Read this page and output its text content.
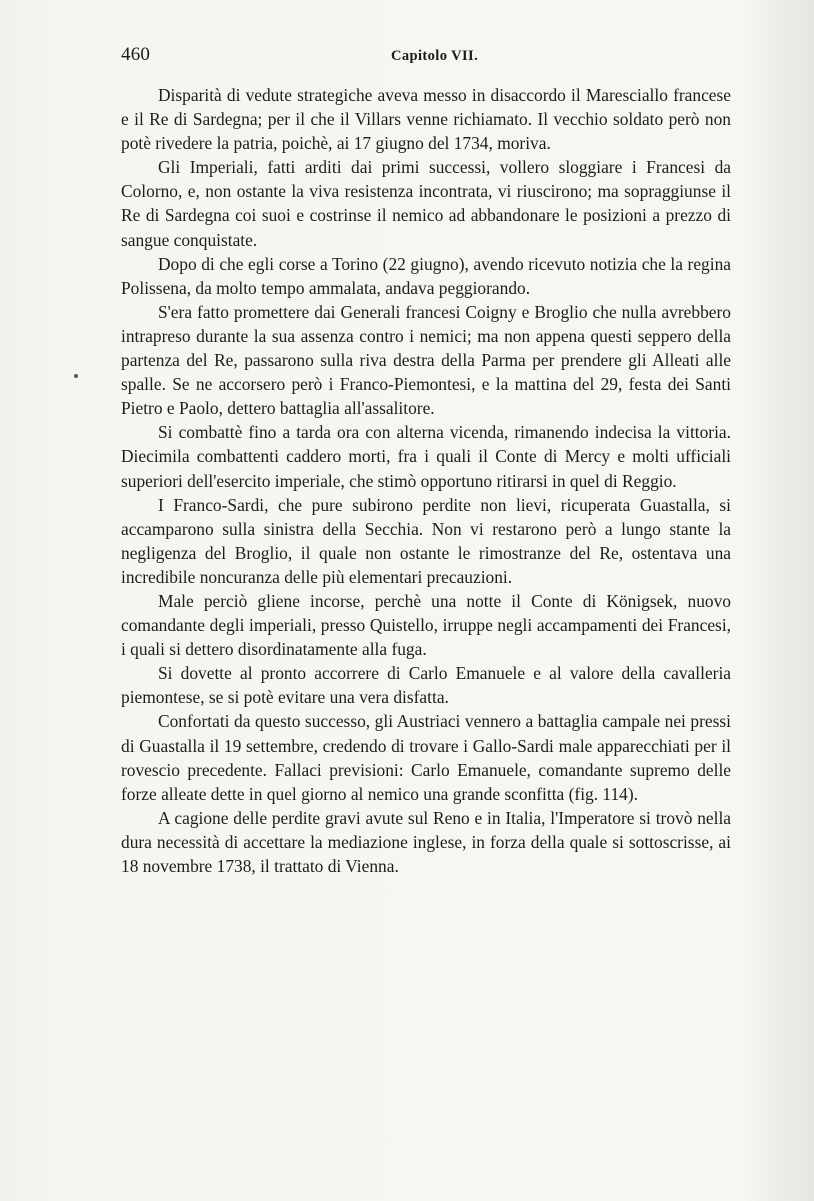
460	Capitolo VII.

Disparità di vedute strategiche aveva messo in disaccordo il Maresciallo francese e il Re di Sardegna; per il che il Villars venne richiamato. Il vecchio soldato però non potè rivedere la patria, poichè, ai 17 giugno del 1734, moriva.

Gli Imperiali, fatti arditi dai primi successi, vollero sloggiare i Francesi da Colorno, e, non ostante la viva resistenza incontrata, vi riuscirono; ma sopraggiunse il Re di Sardegna coi suoi e costrinse il nemico ad abbandonare le posizioni a prezzo di sangue conquistate.

Dopo di che egli corse a Torino (22 giugno), avendo ricevuto notizia che la regina Polissena, da molto tempo ammalata, andava peggiorando.

S'era fatto promettere dai Generali francesi Coigny e Broglio che nulla avrebbero intrapreso durante la sua assenza contro i nemici; ma non appena questi seppero della partenza del Re, passarono sulla riva destra della Parma per prendere gli Alleati alle spalle. Se ne accorsero però i Franco-Piemontesi, e la mattina del 29, festa dei Santi Pietro e Paolo, dettero battaglia all'assalitore.

Si combattè fino a tarda ora con alterna vicenda, rimanendo indecisa la vittoria. Diecimila combattenti caddero morti, fra i quali il Conte di Mercy e molti ufficiali superiori dell'esercito imperiale, che stimò opportuno ritirarsi in quel di Reggio.

I Franco-Sardi, che pure subirono perdite non lievi, ricuperata Guastalla, si accamparono sulla sinistra della Secchia. Non vi restarono però a lungo stante la negligenza del Broglio, il quale non ostante le rimostranze del Re, ostentava una incredibile noncuranza delle più elementari precauzioni.

Male perciò gliene incorse, perchè una notte il Conte di Königsek, nuovo comandante degli imperiali, presso Quistello, irruppe negli accampamenti dei Francesi, i quali si dettero disordinatamente alla fuga.

Si dovette al pronto accorrere di Carlo Emanuele e al valore della cavalleria piemontese, se si potè evitare una vera disfatta.

Confortati da questo successo, gli Austriaci vennero a battaglia campale nei pressi di Guastalla il 19 settembre, credendo di trovare i Gallo-Sardi male apparecchiati per il rovescio precedente. Fallaci previsioni: Carlo Emanuele, comandante supremo delle forze alleate dette in quel giorno al nemico una grande sconfitta (fig. 114).

A cagione delle perdite gravi avute sul Reno e in Italia, l'Imperatore si trovò nella dura necessità di accettare la mediazione inglese, in forza della quale si sottoscrisse, ai 18 novembre 1738, il trattato di Vienna.
